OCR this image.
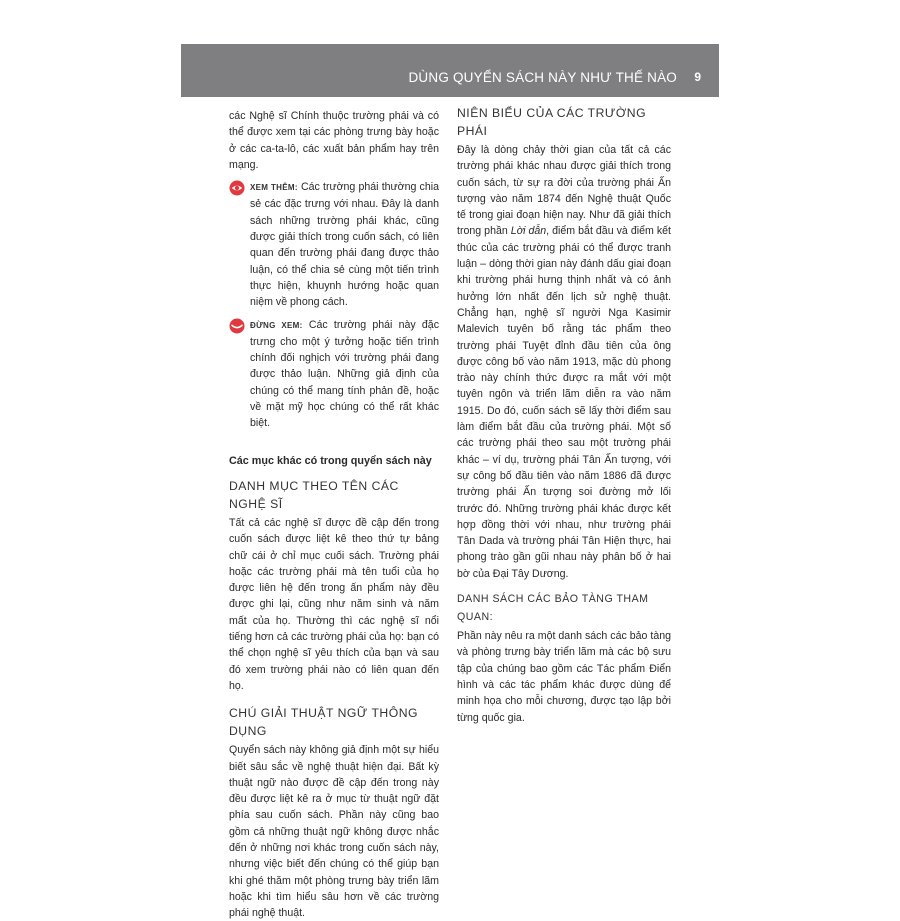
DÙNG QUYỂN SÁCH NÀY NHƯ THẾ NÀO 9

các Nghệ sĩ Chính thuộc trường phái và có thể được xem tại các phòng trưng bày hoặc ở các ca-ta-lô, các xuất bản phẩm hay trên mạng.

XEM THÊM: Các trường phái thường chia sẻ các đặc trưng với nhau. Đây là danh sách những trường phái khác, cũng được giải thích trong cuốn sách, có liên quan đến trường phái đang được thảo luận, có thể chia sẻ cùng một tiến trình thực hiện, khuynh hướng hoặc quan niệm về phong cách.

ĐỪNG XEM: Các trường phái này đặc trưng cho một ý tưởng hoặc tiến trình chính đối nghịch với trường phái đang được thảo luận. Những giả định của chúng có thể mang tính phản đề, hoặc về mặt mỹ học chúng có thể rất khác biệt.

Các mục khác có trong quyển sách này
DANH MỤC THEO TÊN CÁC NGHỆ SĨ

Tất cả các nghệ sĩ được đề cập đến trong cuốn sách được liệt kê theo thứ tự bảng chữ cái ở chỉ mục cuối sách. Trường phái hoặc các trường phái mà tên tuổi của họ được liên hệ đến trong ấn phẩm này đều được ghi lại, cũng như năm sinh và năm mất của họ. Thường thì các nghệ sĩ nổi tiếng hơn cả các trường phái của họ: bạn có thể chọn nghệ sĩ yêu thích của bạn và sau đó xem trường phái nào có liên quan đến họ.

CHÚ GIẢI THUẬT NGỮ THÔNG DỤNG

Quyển sách này không giả định một sự hiểu biết sâu sắc về nghệ thuật hiện đại. Bất kỳ thuật ngữ nào được đề cập đến trong này đều được liệt kê ra ở mục từ thuật ngữ đặt phía sau cuốn sách. Phần này cũng bao gồm cả những thuật ngữ không được nhắc đến ở những nơi khác trong cuốn sách này, nhưng việc biết đến chúng có thể giúp bạn khi ghé thăm một phòng trưng bày triển lãm hoặc khi tìm hiểu sâu hơn về các trường phái nghệ thuật.

NIÊN BIỂU CỦA CÁC TRƯỜNG PHÁI

Đây là dòng chảy thời gian của tất cả các trường phái khác nhau được giải thích trong cuốn sách, từ sự ra đời của trường phái Ấn tượng vào năm 1874 đến Nghệ thuật Quốc tế trong giai đoạn hiện nay. Như đã giải thích trong phần Lời dẫn, điểm bắt đầu và điểm kết thúc của các trường phái có thể được tranh luận – dòng thời gian này đánh dấu giai đoạn khi trường phái hưng thịnh nhất và có ảnh hưởng lớn nhất đến lịch sử nghệ thuật. Chẳng hạn, nghệ sĩ người Nga Kasimir Malevich tuyên bố rằng tác phẩm theo trường phái Tuyệt đỉnh đầu tiên của ông được công bố vào năm 1913, mặc dù phong trào này chính thức được ra mắt với một tuyên ngôn và triển lãm diễn ra vào năm 1915. Do đó, cuốn sách sẽ lấy thời điểm sau làm điểm bắt đầu của trường phái. Một số các trường phái theo sau một trường phái khác – ví dụ, trường phái Tân Ấn tượng, với sự công bố đầu tiên vào năm 1886 đã được trường phái Ấn tượng soi đường mở lối trước đó. Những trường phái khác được kết hợp đồng thời với nhau, như trường phái Tân Dada và trường phái Tân Hiện thực, hai phong trào gần gũi nhau này phân bố ở hai bờ của Đại Tây Dương.

DANH SÁCH CÁC BẢO TÀNG THAM QUAN:

Phần này nêu ra một danh sách các bảo tàng và phòng trưng bày triển lãm mà các bộ sưu tập của chúng bao gồm các Tác phẩm Điển hình và các tác phẩm khác được dùng để minh họa cho mỗi chương, được tạo lập bởi từng quốc gia.
